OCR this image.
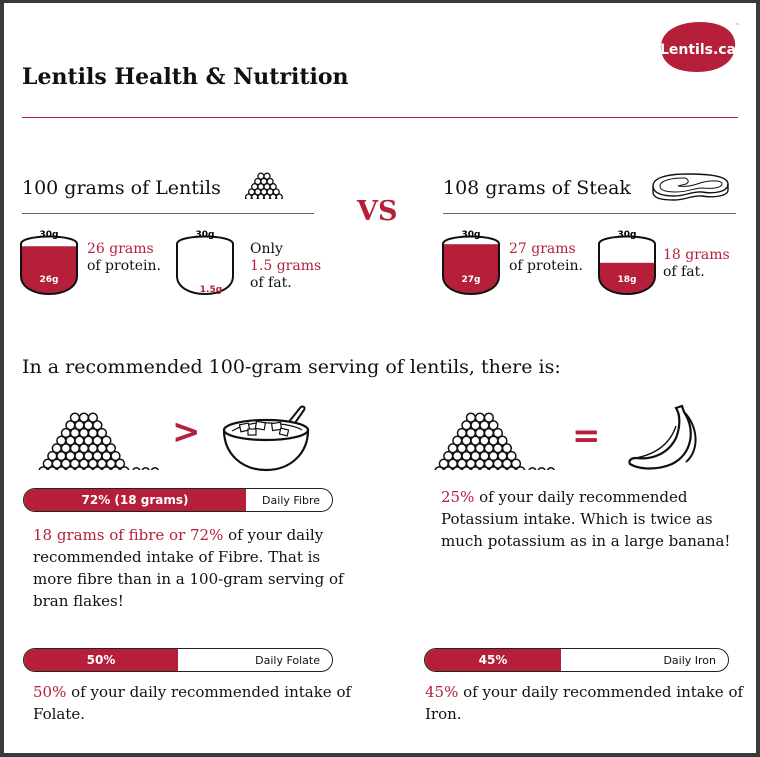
Lentils Health & Nutrition
Lentils.ca
™
100 grams of Lentils
VS
108 grams of Steak
30g
26g
26 grams
of protein.
30g
1.5g
Only
1.5 grams
of fat.
30g
27g
27 grams
of protein.
30g
18g
18 grams
of fat.
In a recommended 100-gram serving of lentils, there is:
>
72% (18 grams)	Daily Fibre
18 grams of fibre or 72% of your daily recommended intake of Fibre. That is more fibre than in a 100-gram serving of bran flakes!
=
25% of your daily recommended Potassium intake. Which is twice as much potassium as in a large banana!
50%	Daily Folate
50% of your daily recommended intake of Folate.
45%	Daily Iron
45% of your daily recommended intake of Iron.
